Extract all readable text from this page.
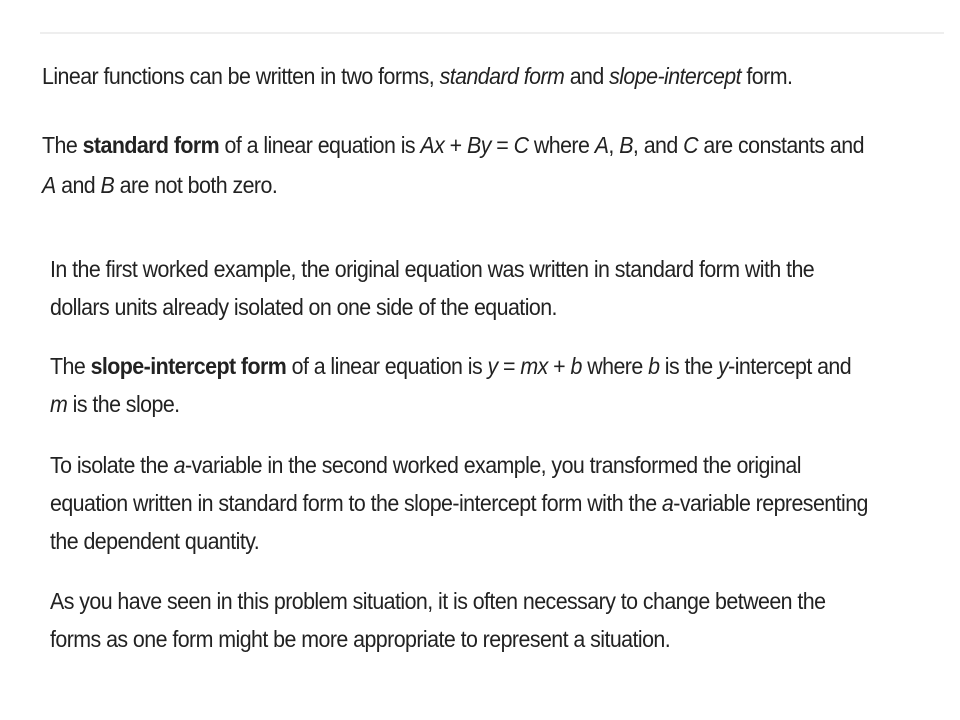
Linear functions can be written in two forms, standard form and slope-intercept form.

The standard form of a linear equation is Ax + By = C where A, B, and C are constants and
A and B are not both zero.

In the first worked example, the original equation was written in standard form with the
dollars units already isolated on one side of the equation.

The slope-intercept form of a linear equation is y = mx + b where b is the y-intercept and
m is the slope.

To isolate the a-variable in the second worked example, you transformed the original
equation written in standard form to the slope-intercept form with the a-variable representing
the dependent quantity.

As you have seen in this problem situation, it is often necessary to change between the
forms as one form might be more appropriate to represent a situation.
